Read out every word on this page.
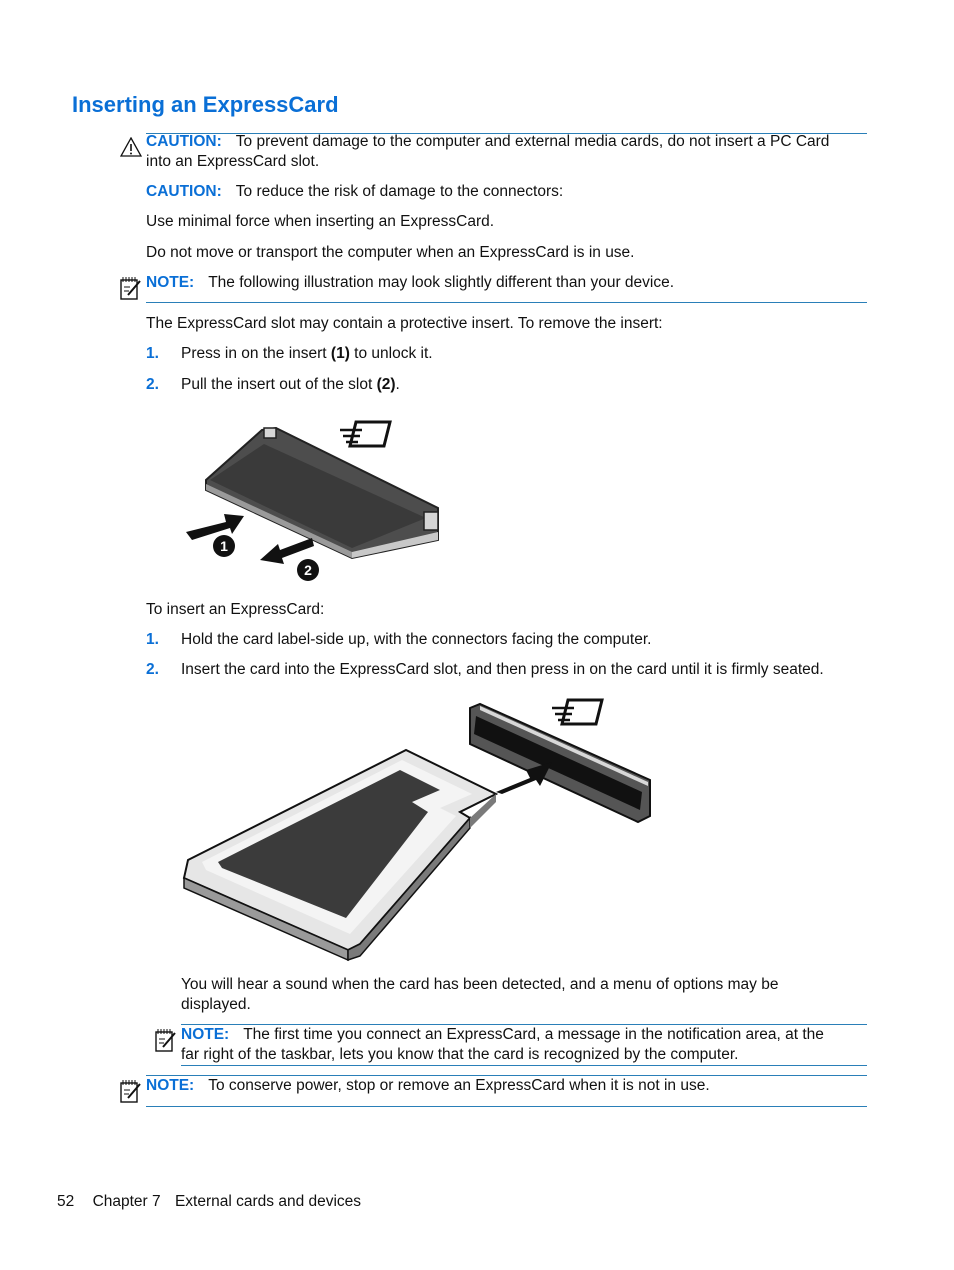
Inserting an ExpressCard
CAUTION: To prevent damage to the computer and external media cards, do not insert a PC Card
into an ExpressCard slot.
CAUTION: To reduce the risk of damage to the connectors:
Use minimal force when inserting an ExpressCard.
Do not move or transport the computer when an ExpressCard is in use.
NOTE: The following illustration may look slightly different than your device.
The ExpressCard slot may contain a protective insert. To remove the insert:
1. Press in on the insert (1) to unlock it.
2. Pull the insert out of the slot (2).
1
2
To insert an ExpressCard:
1. Hold the card label-side up, with the connectors facing the computer.
2. Insert the card into the ExpressCard slot, and then press in on the card until it is firmly seated.
You will hear a sound when the card has been detected, and a menu of options may be
displayed.
NOTE: The first time you connect an ExpressCard, a message in the notification area, at the
far right of the taskbar, lets you know that the card is recognized by the computer.
NOTE: To conserve power, stop or remove an ExpressCard when it is not in use.
52 Chapter 7 External cards and devices
